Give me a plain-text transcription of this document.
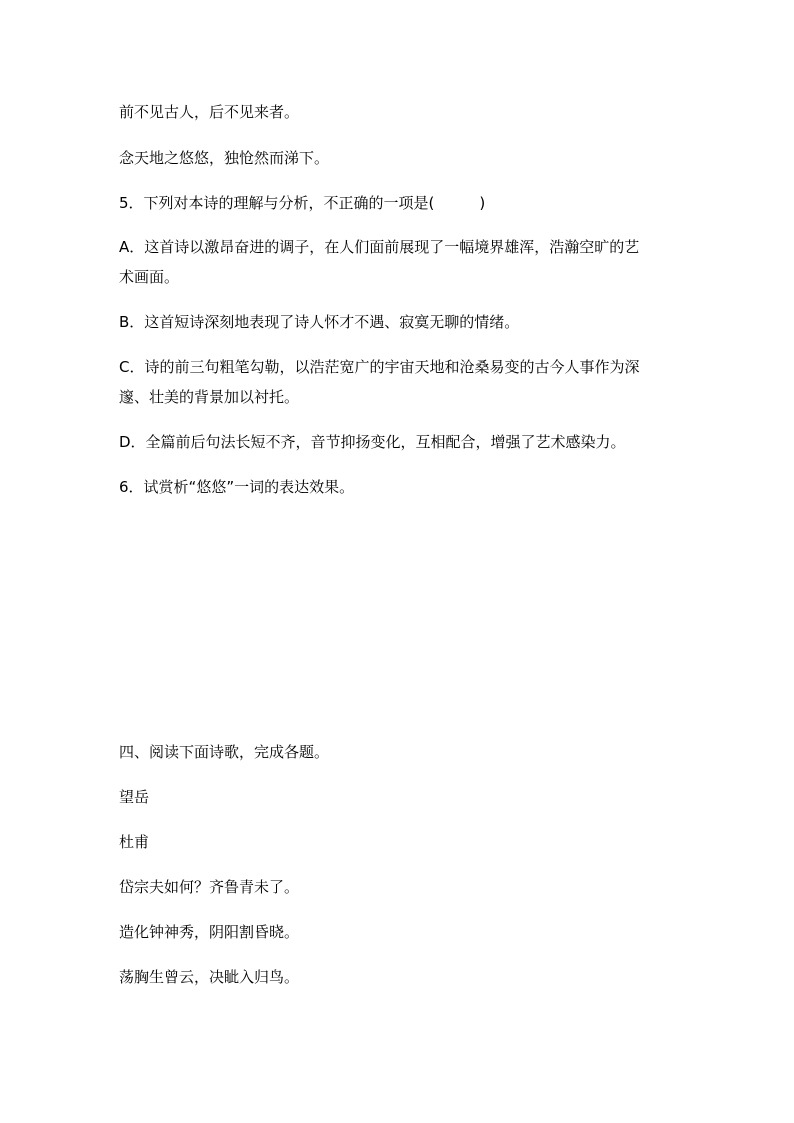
前不见古人，后不见来者。

念天地之悠悠，独怆然而涕下。

5．下列对本诗的理解与分析，不正确的一项是(　　　)

A．这首诗以激昂奋进的调子，在人们面前展现了一幅境界雄浑，浩瀚空旷的艺

术画面。

B．这首短诗深刻地表现了诗人怀才不遇、寂寞无聊的情绪。

C．诗的前三句粗笔勾勒，以浩茫宽广的宇宙天地和沧桑易变的古今人事作为深

邃、壮美的背景加以衬托。

D．全篇前后句法长短不齐，音节抑扬变化，互相配合，增强了艺术感染力。

6．试赏析“悠悠”一词的表达效果。

四、阅读下面诗歌，完成各题。

望岳

杜甫

岱宗夫如何？齐鲁青未了。

造化钟神秀，阴阳割昏晓。

荡胸生曾云，决眦入归鸟。
